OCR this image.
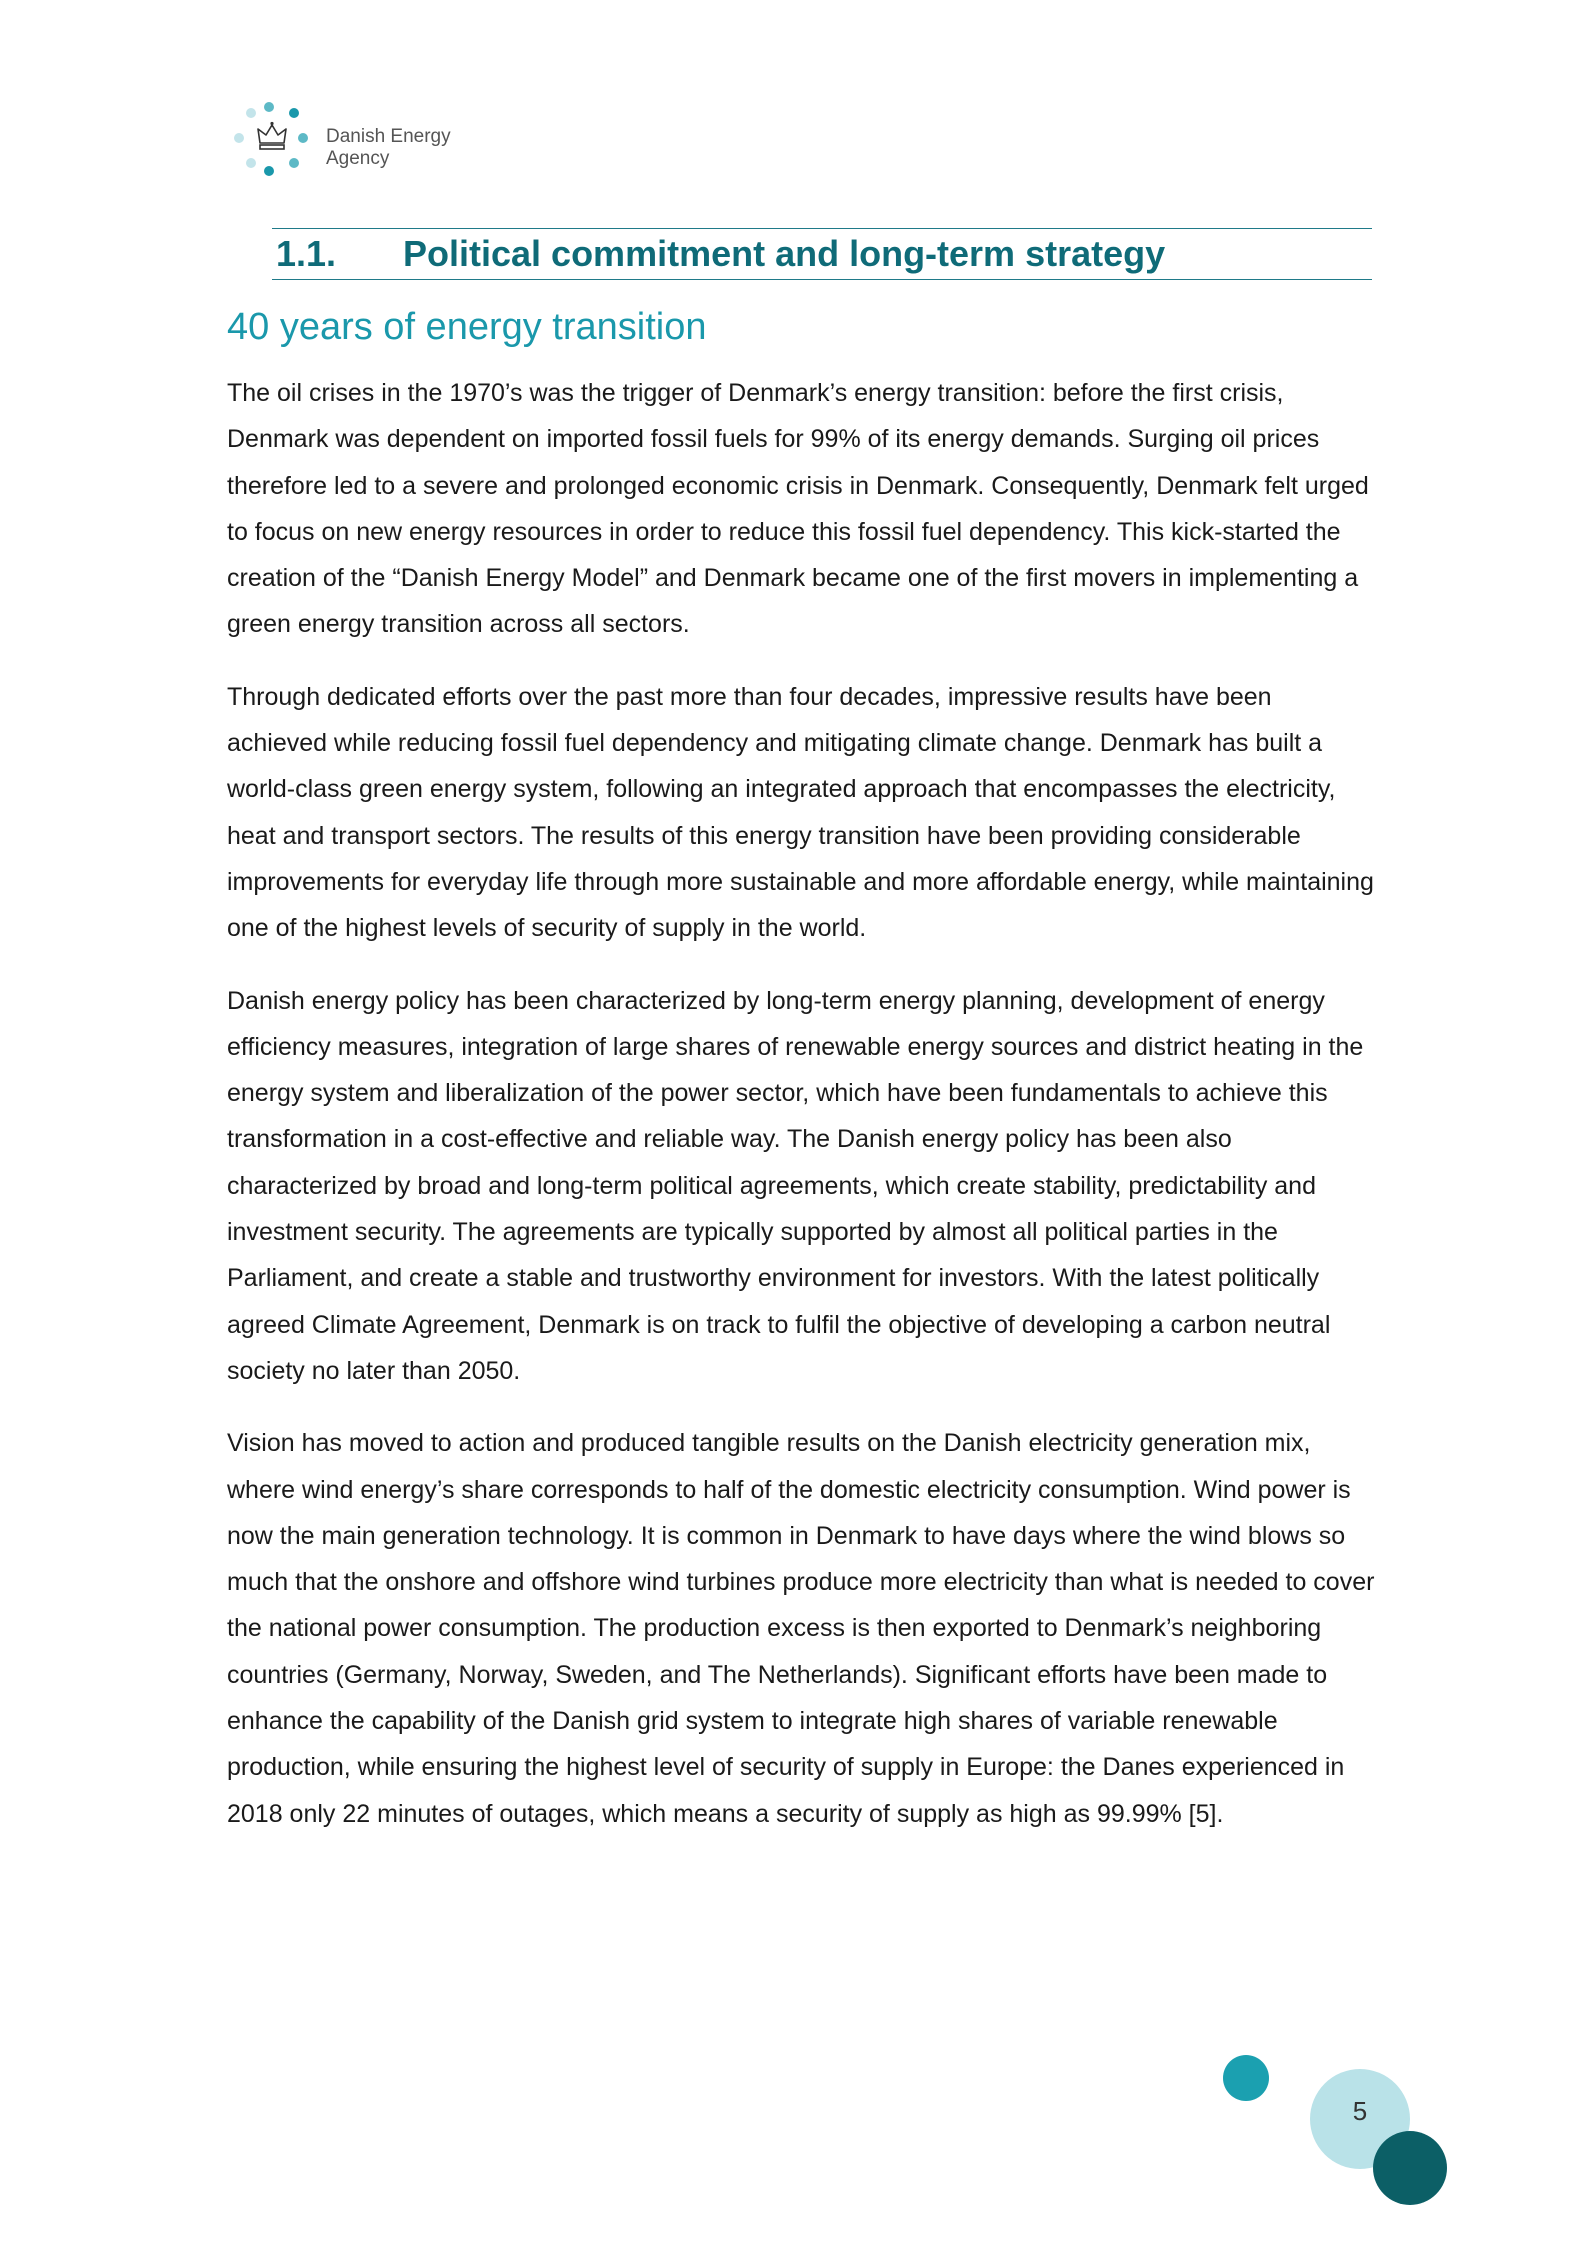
Danish Energy
Agency
1.1.	Political commitment and long-term strategy
40 years of energy transition

The oil crises in the 1970’s was the trigger of Denmark’s energy transition: before the first crisis, Denmark was dependent on imported fossil fuels for 99% of its energy demands. Surging oil prices therefore led to a severe and prolonged economic crisis in Denmark. Consequently, Denmark felt urged to focus on new energy resources in order to reduce this fossil fuel dependency. This kick-started the creation of the “Danish Energy Model” and Denmark became one of the first movers in implementing a green energy transition across all sectors.

Through dedicated efforts over the past more than four decades, impressive results have been achieved while reducing fossil fuel dependency and mitigating climate change. Denmark has built a world-class green energy system, following an integrated approach that encompasses the electricity, heat and transport sectors. The results of this energy transition have been providing considerable improvements for everyday life through more sustainable and more affordable energy, while maintaining one of the highest levels of security of supply in the world.

Danish energy policy has been characterized by long-term energy planning, development of energy efficiency measures, integration of large shares of renewable energy sources and district heating in the energy system and liberalization of the power sector, which have been fundamentals to achieve this transformation in a cost-effective and reliable way. The Danish energy policy has been also characterized by broad and long-term political agreements, which create stability, predictability and investment security. The agreements are typically supported by almost all political parties in the Parliament, and create a stable and trustworthy environment for investors. With the latest politically agreed Climate Agreement, Denmark is on track to fulfil the objective of developing a carbon neutral society no later than 2050.

Vision has moved to action and produced tangible results on the Danish electricity generation mix, where wind energy’s share corresponds to half of the domestic electricity consumption. Wind power is now the main generation technology. It is common in Denmark to have days where the wind blows so much that the onshore and offshore wind turbines produce more electricity than what is needed to cover the national power consumption. The production excess is then exported to Denmark’s neighboring countries (Germany, Norway, Sweden, and The Netherlands). Significant efforts have been made to enhance the capability of the Danish grid system to integrate high shares of variable renewable production, while ensuring the highest level of security of supply in Europe: the Danes experienced in 2018 only 22 minutes of outages, which means a security of supply as high as 99.99% [5].

5
